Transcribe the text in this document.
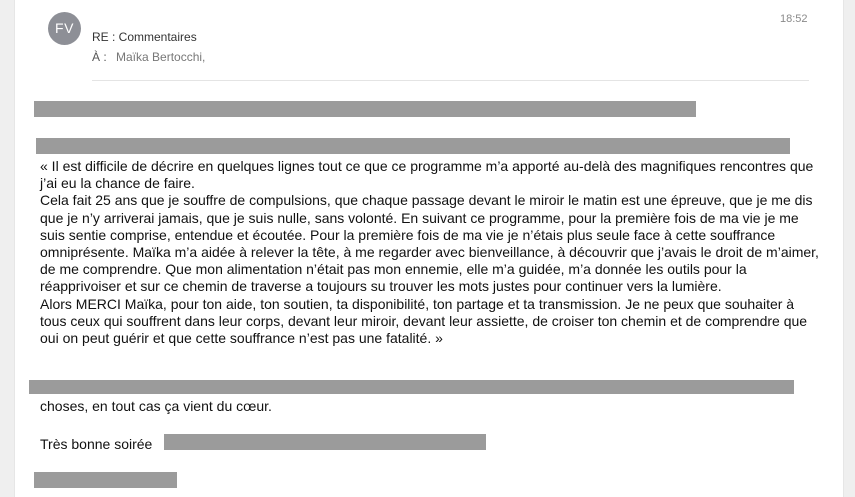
FV
RE : Commentaires
À : Maïka Bertocchi,
18:52

« Il est difficile de décrire en quelques lignes tout ce que ce programme m’a apporté au-delà des magnifiques rencontres que j’ai eu la chance de faire.

Cela fait 25 ans que je souffre de compulsions, que chaque passage devant le miroir le matin est une épreuve, que je me dis que je n’y arriverai jamais, que je suis nulle, sans volonté. En suivant ce programme, pour la première fois de ma vie je me suis sentie comprise, entendue et écoutée. Pour la première fois de ma vie je n’étais plus seule face à cette souffrance omniprésente. Maïka m’a aidée à relever la tête, à me regarder avec bienveillance, à découvrir que j’avais le droit de m’aimer, de me comprendre. Que mon alimentation n’était pas mon ennemie, elle m’a guidée, m’a donnée les outils pour la réapprivoiser et sur ce chemin de traverse a toujours su trouver les mots justes pour continuer vers la lumière.

Alors MERCI Maïka, pour ton aide, ton soutien, ta disponibilité, ton partage et ta transmission. Je ne peux que souhaiter à tous ceux qui souffrent dans leur corps, devant leur miroir, devant leur assiette, de croiser ton chemin et de comprendre que oui on peut guérir et que cette souffrance n’est pas une fatalité. »

choses, en tout cas ça vient du cœur.
Très bonne soirée
